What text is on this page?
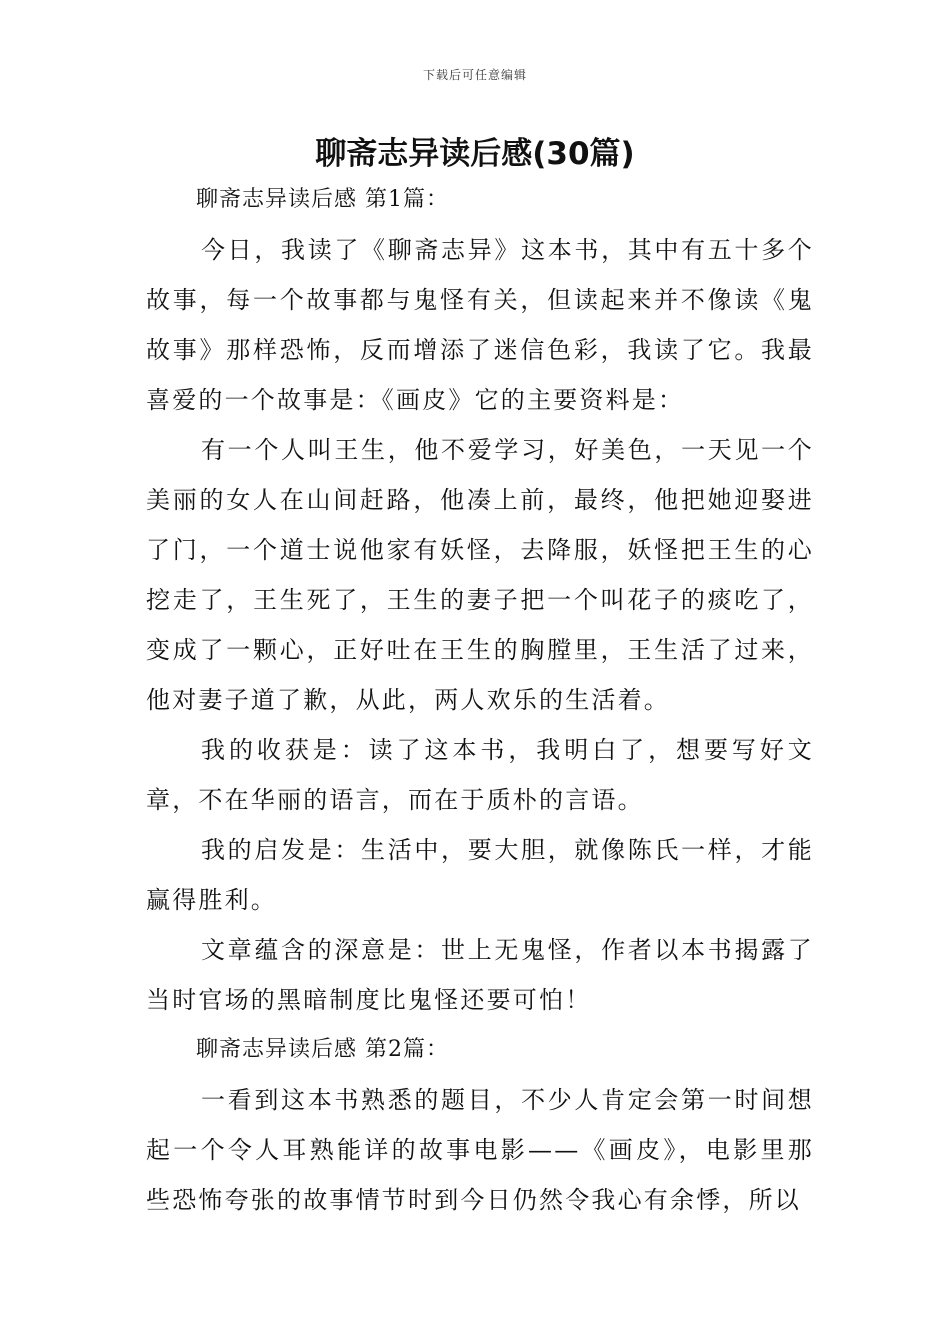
下载后可任意编辑
聊斋志异读后感(30篇)

聊斋志异读后感 第1篇：

今日，我读了《聊斋志异》这本书，其中有五十多个故事，每一个故事都与鬼怪有关，但读起来并不像读《鬼故事》那样恐怖，反而增添了迷信色彩，我读了它。我最喜爱的一个故事是：《画皮》它的主要资料是：

有一个人叫王生，他不爱学习，好美色，一天见一个美丽的女人在山间赶路，他凑上前，最终，他把她迎娶进了门，一个道士说他家有妖怪，去降服，妖怪把王生的心挖走了，王生死了，王生的妻子把一个叫花子的痰吃了，变成了一颗心，正好吐在王生的胸膛里，王生活了过来，他对妻子道了歉，从此，两人欢乐的生活着。

我的收获是：读了这本书，我明白了，想要写好文章，不在华丽的语言，而在于质朴的言语。

我的启发是：生活中，要大胆，就像陈氏一样，才能赢得胜利。

文章蕴含的深意是：世上无鬼怪，作者以本书揭露了当时官场的黑暗制度比鬼怪还要可怕！

聊斋志异读后感 第2篇：

一看到这本书熟悉的题目，不少人肯定会第一时间想起一个令人耳熟能详的故事电影——《画皮》，电影里那些恐怖夸张的故事情节时到今日仍然令我心有余悸，所以
